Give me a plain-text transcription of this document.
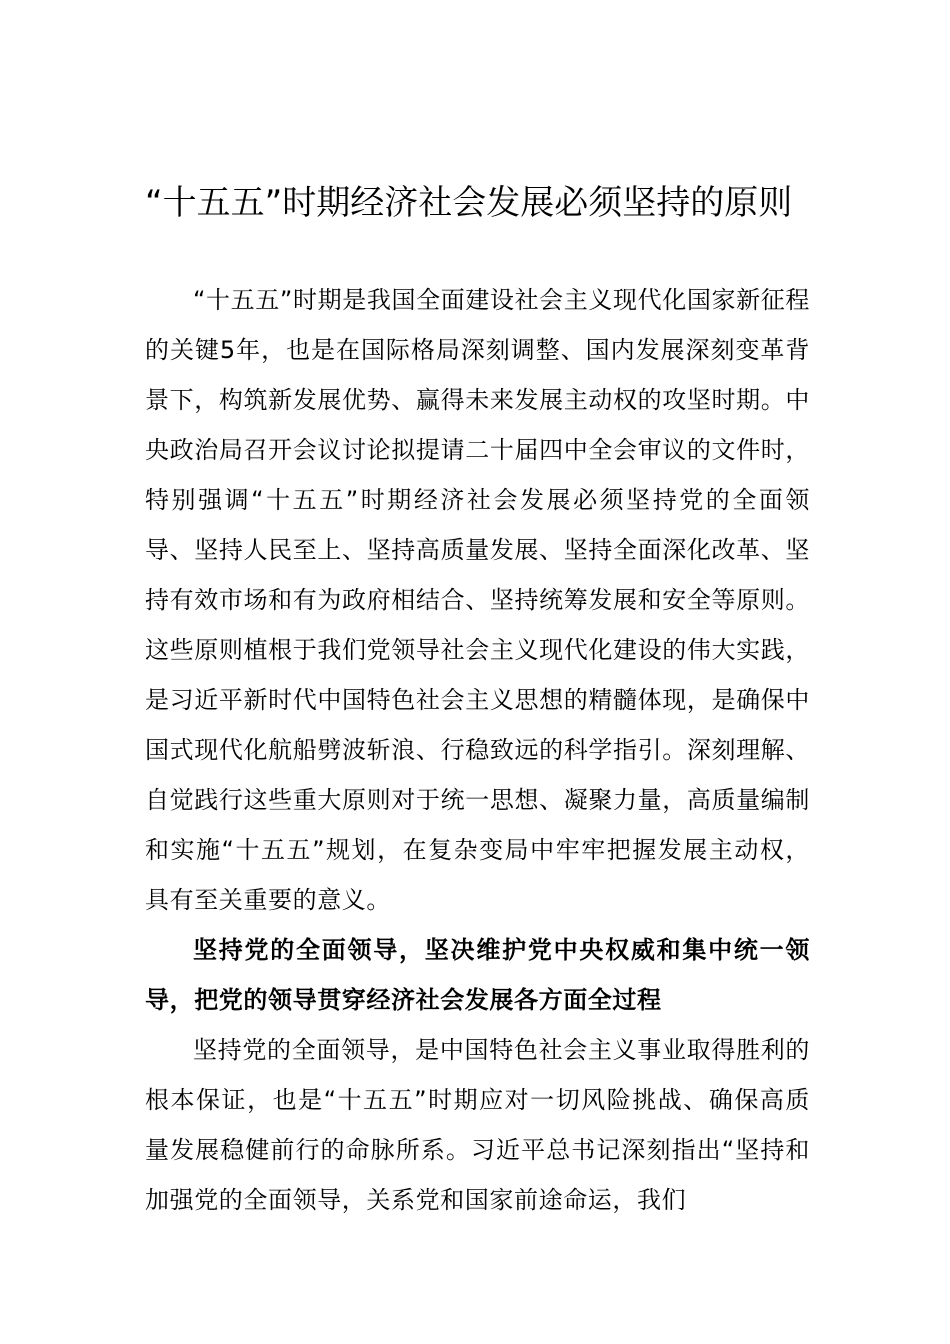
“十五五”时期经济社会发展必须坚持的原则

“十五五”时期是我国全面建设社会主义现代化国家新征程的关键5年，也是在国际格局深刻调整、国内发展深刻变革背景下，构筑新发展优势、赢得未来发展主动权的攻坚时期。中央政治局召开会议讨论拟提请二十届四中全会审议的文件时，特别强调“十五五”时期经济社会发展必须坚持党的全面领导、坚持人民至上、坚持高质量发展、坚持全面深化改革、坚持有效市场和有为政府相结合、坚持统筹发展和安全等原则。这些原则植根于我们党领导社会主义现代化建设的伟大实践，是习近平新时代中国特色社会主义思想的精髓体现，是确保中国式现代化航船劈波斩浪、行稳致远的科学指引。深刻理解、自觉践行这些重大原则对于统一思想、凝聚力量，高质量编制和实施“十五五”规划，在复杂变局中牢牢把握发展主动权，具有至关重要的意义。

坚持党的全面领导，坚决维护党中央权威和集中统一领导，把党的领导贯穿经济社会发展各方面全过程

坚持党的全面领导，是中国特色社会主义事业取得胜利的根本保证，也是“十五五”时期应对一切风险挑战、确保高质量发展稳健前行的命脉所系。习近平总书记深刻指出“坚持和加强党的全面领导，关系党和国家前途命运，我们
